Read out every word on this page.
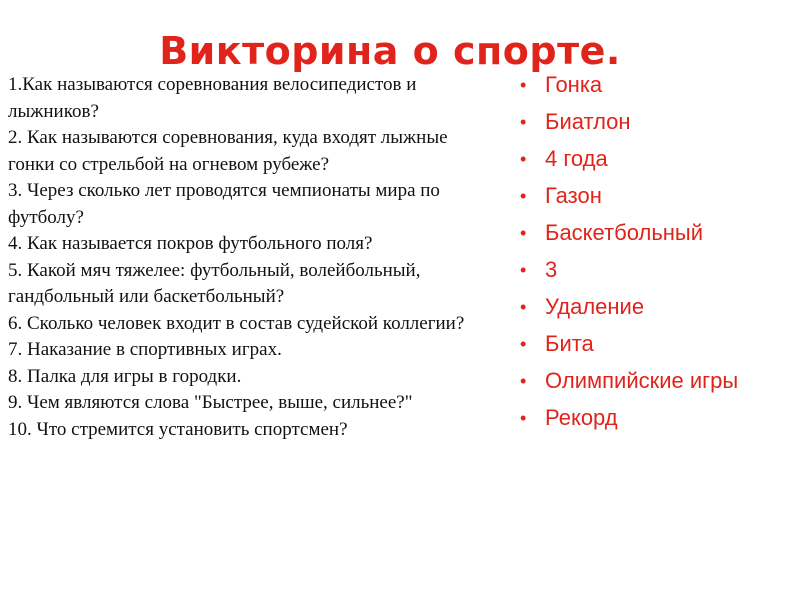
Викторина о спорте.
1.Как называются соревнования велосипедистов и лыжников?
2. Как называются соревнования, куда входят лыжные гонки со стрельбой на огневом рубеже?
3. Через сколько лет проводятся чемпионаты мира по футболу?
4. Как называется покров футбольного поля?
5. Какой мяч тяжелее: футбольный, волейбольный, гандбольный или баскетбольный?
6. Сколько человек входит в состав судейской коллегии?
7. Наказание в спортивных играх.
8. Палка для игры в городки.
9. Чем являются слова "Быстрее, выше, сильнее?"
10. Что стремится установить спортсмен?
• Гонка
• Биатлон
• 4 года
• Газон
• Баскетбольный
• 3
• Удаление
• Бита
• Олимпийские игры
• Рекорд
